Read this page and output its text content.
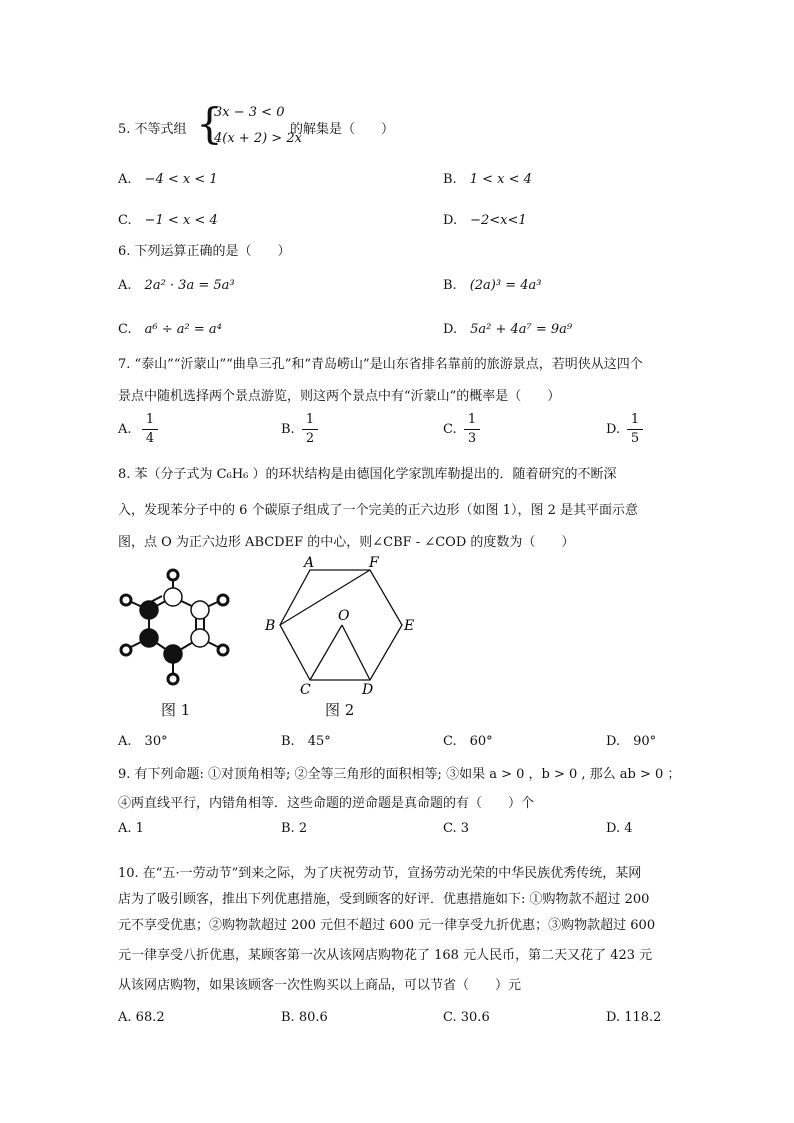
5. 不等式组 {
3x − 3 < 0
4(x + 2) > 2x
的解集是（　　）
A.　 −4 < x < 1	B.　 1 < x < 4
C.　 −1 < x < 4	D.　 −2<x<1
6. 下列运算正确的是（　　）
A.　 2a² · 3a = 5a³	B.　 (2a)³ = 4a³
C.　 a⁶ ÷ a² = a⁴	D.　 5a² + 4a⁷ = 9a⁹
7. “泰山”“沂蒙山”“曲阜三孔”和“青岛崂山”是山东省排名靠前的旅游景点，若明侠从这四个
景点中随机选择两个景点游览，则这两个景点中有“沂蒙山”的概率是（　　）
A. $\frac{1}{4}$	B. $\frac{1}{2}$	C. $\frac{1}{3}$	D. $\frac{1}{5}$
8. 苯（分子式为 C₆H₆ ）的环状结构是由德国化学家凯库勒提出的．随着研究的不断深
入，发现苯分子中的 6 个碳原子组成了一个完美的正六边形（如图 1），图 2 是其平面示意
图，点 O 为正六边形 ABCDEF 的中心，则∠CBF - ∠COD 的度数为（　　）
图 1
A	F
B	E
C	D
O
图 2
A.　 30°	B.　 45°	C.　 60°	D.　 90°
9. 有下列命题: ①对顶角相等; ②全等三角形的面积相等; ③如果 a > 0 ，b > 0 , 那么 ab > 0 ；
④两直线平行，内错角相等．这些命题的逆命题是真命题的有（　　）个
A. 1	B. 2	C. 3	D. 4
10. 在“五·一劳动节”到来之际，为了庆祝劳动节，宣扬劳动光荣的中华民族优秀传统，某网
店为了吸引顾客，推出下列优惠措施，受到顾客的好评．优惠措施如下: ①购物款不超过 200
元不享受优惠；②购物款超过 200 元但不超过 600 元一律享受九折优惠；③购物款超过 600
元一律享受八折优惠，某顾客第一次从该网店购物花了 168 元人民币，第二天又花了 423 元
从该网店购物，如果该顾客一次性购买以上商品，可以节省（　　）元
A. 68.2	B. 80.6	C. 30.6	D. 118.2
